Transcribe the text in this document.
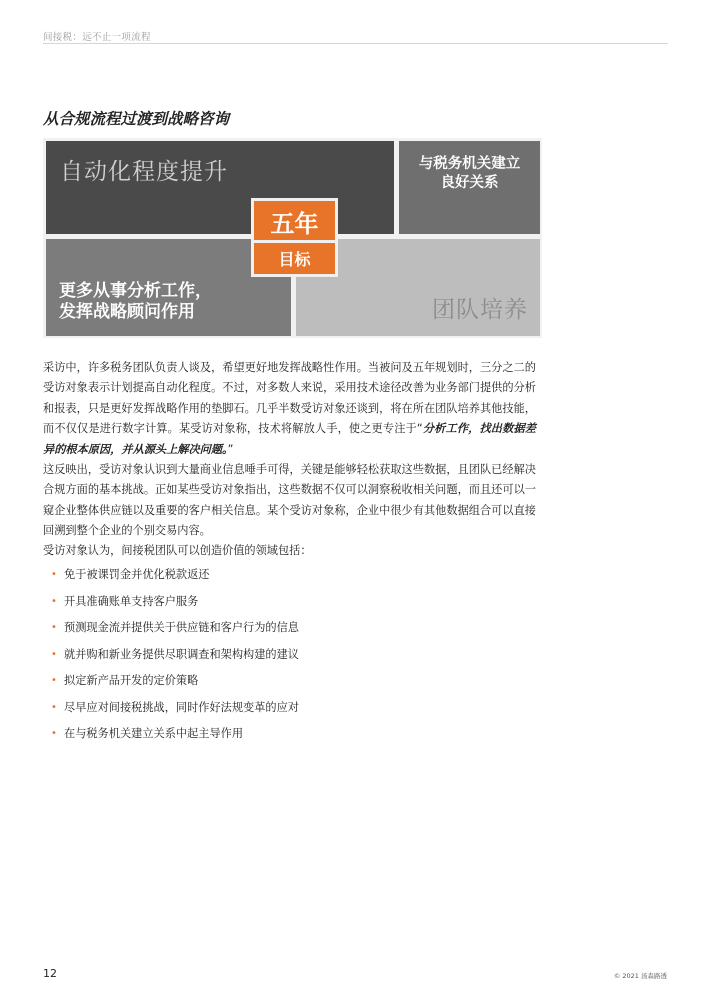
间接税：远不止一项流程
从合规流程过渡到战略咨询
自动化程度提升	与税务机关建立
良好关系
更多从事分析工作，
发挥战略顾问作用	团队培养
五年
目标

采访中，许多税务团队负责人谈及，希望更好地发挥战略性作用。当被问及五年规划时，三分之二的受访对象表示计划提高自动化程度。不过，对多数人来说，采用技术途径改善为业务部门提供的分析和报表，只是更好发挥战略作用的垫脚石。几乎半数受访对象还谈到，将在所在团队培养其他技能，而不仅仅是进行数字计算。某受访对象称，技术将解放人手，使之更专注于“分析工作，找出数据差异的根本原因，并从源头上解决问题。”

这反映出，受访对象认识到大量商业信息唾手可得，关键是能够轻松获取这些数据，且团队已经解决合规方面的基本挑战。正如某些受访对象指出，这些数据不仅可以洞察税收相关问题，而且还可以一窥企业整体供应链以及重要的客户相关信息。某个受访对象称，企业中很少有其他数据组合可以直接回溯到整个企业的个别交易内容。

受访对象认为，间接税团队可以创造价值的领域包括：

• 免于被课罚金并优化税款返还
• 开具准确账单支持客户服务
• 预测现金流并提供关于供应链和客户行为的信息
• 就并购和新业务提供尽职调查和架构构建的建议
• 拟定新产品开发的定价策略
• 尽早应对间接税挑战，同时作好法规变革的应对
• 在与税务机关建立关系中起主导作用
12	© 2021 汤森路透
